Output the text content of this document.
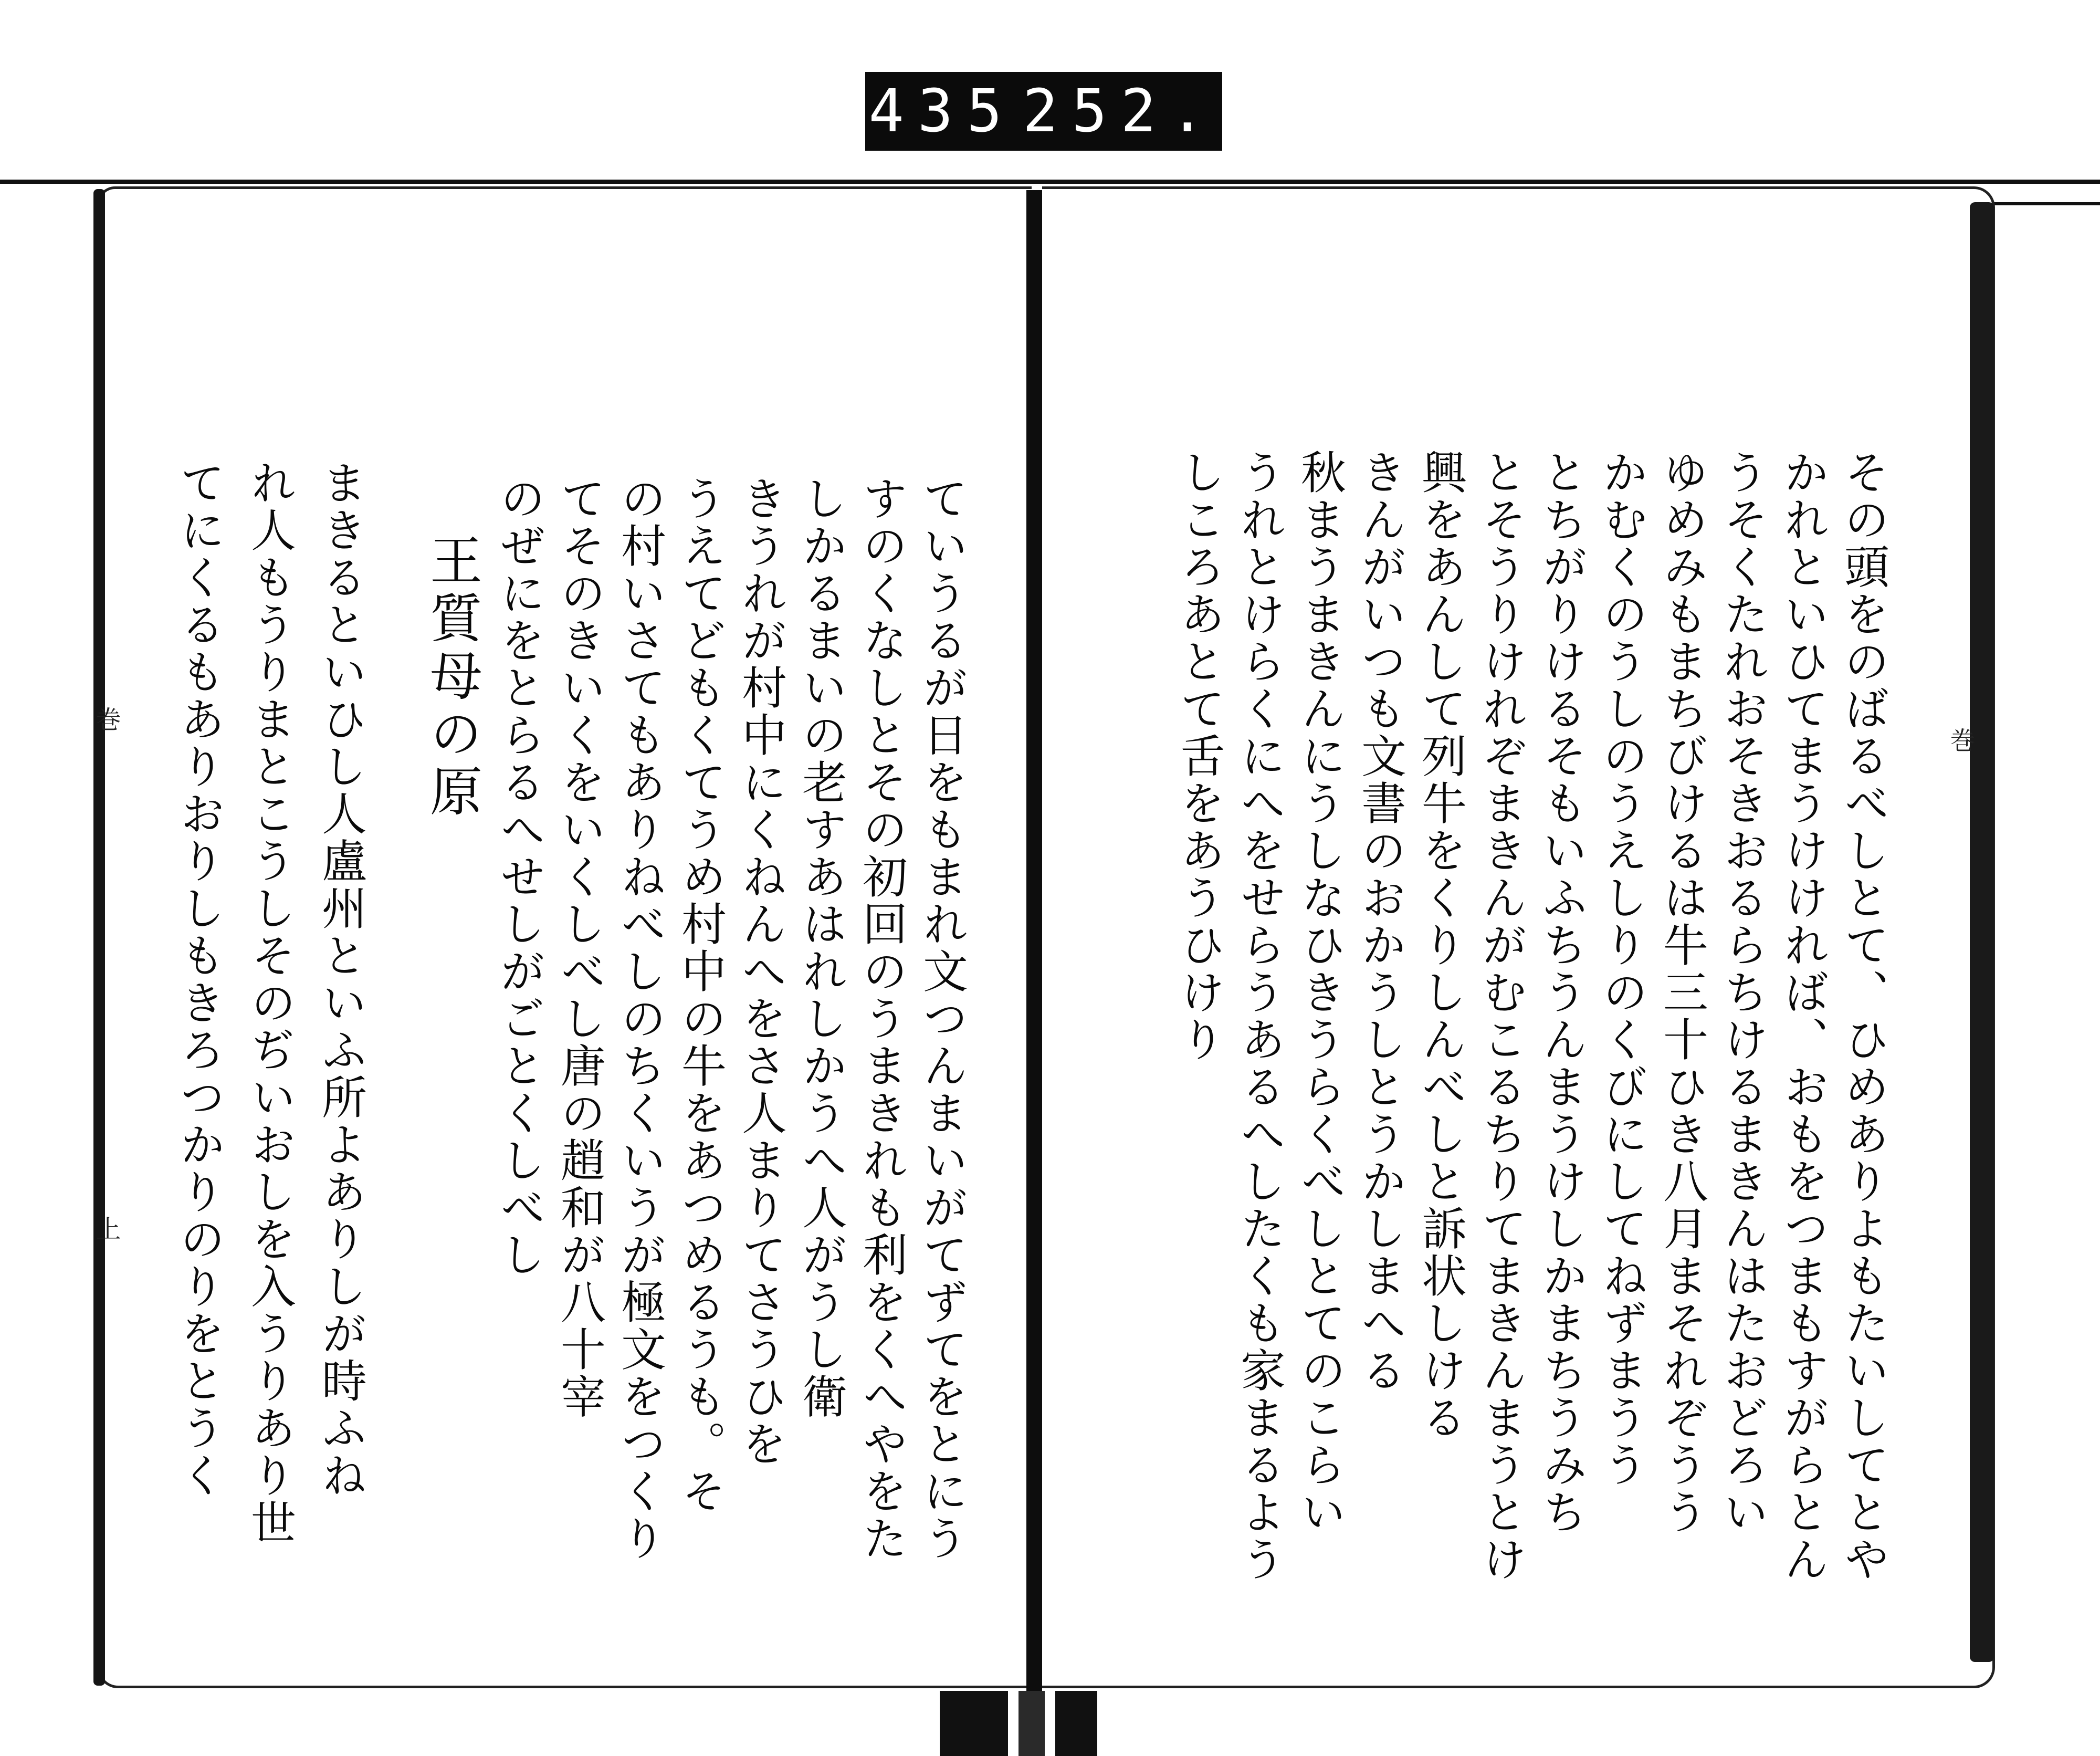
435 252.
巻
上
巻
その頭をのばるべしとて、ひめありよもたいしてとや
かれといひてまうけければ、おもをつまもすがらとん
うそくたれおそきおるらちけるまきんはたおどろい
ゆめみもまちびけるは牛三十ひき八月まそれぞうう
かむくのうしのうえしりのくびにしてねずまうう
とちがりけるそもいふちうんまうけしかまちうみち
とそうりけれぞまきんがむこるちりてまきんまうとけ
興をあんして列牛をくりしんべしと訴状しける
きんがいつも文書のおかうしとうかしまへる
秋まうまきんにうしなひきうらくべしとてのこらい
うれとけらくにへをせらうあるへしたくも家まるよう
しころあとて舌をあうひけり
ていうるが日をもまれ文つんまいがてずてをとにう
すのくなしとその初回のうまきれも利をくへやをた
しかるまいの老すあはれしかうへ人がうし衛
きうれが村中にくねんへをさ人まりてさうひを
うえてどもくてうめ村中の牛をあつめるうも。そ
の村いさてもありねべしのちくいうが極文をつくり
てそのきいくをいくしべし唐の趙和が八十宰
のぜにをとらるへせしがごとくしべし
王質母の原
まきるといひし人盧州といふ所よありしが時ふね
れ人もうりまとこうしそのぢいおしを入うりあり世
てにくるもありおりしもきろつかりのりをとうく
